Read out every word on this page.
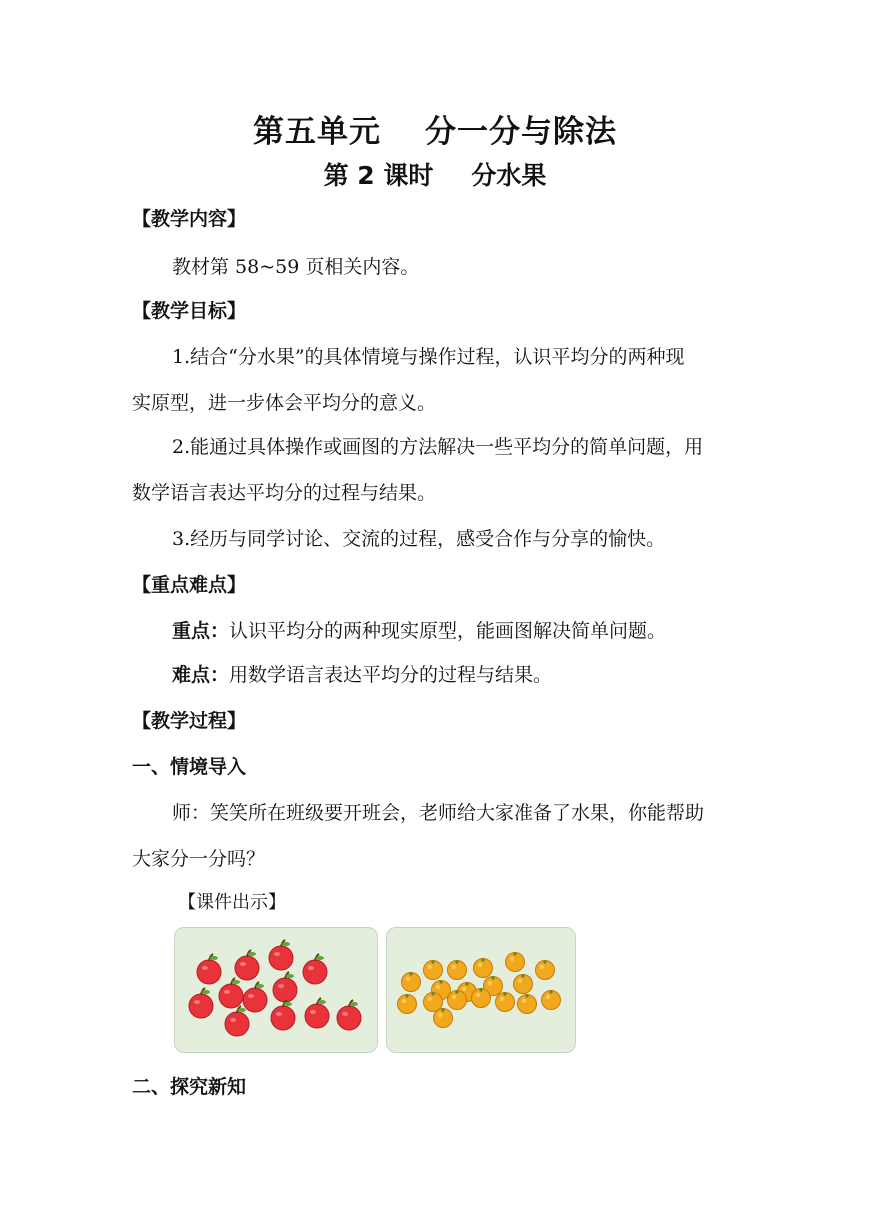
第五单元 分一分与除法
第 2 课时 分水果
【教学内容】
教材第 58~59 页相关内容。
【教学目标】
1.结合“分水果”的具体情境与操作过程，认识平均分的两种现
实原型，进一步体会平均分的意义。
2.能通过具体操作或画图的方法解决一些平均分的简单问题，用
数学语言表达平均分的过程与结果。
3.经历与同学讨论、交流的过程，感受合作与分享的愉快。
【重点难点】
重点：认识平均分的两种现实原型，能画图解决简单问题。
难点：用数学语言表达平均分的过程与结果。
【教学过程】
一、情境导入
师：笑笑所在班级要开班会，老师给大家准备了水果，你能帮助
大家分一分吗？
【课件出示】
二、探究新知
